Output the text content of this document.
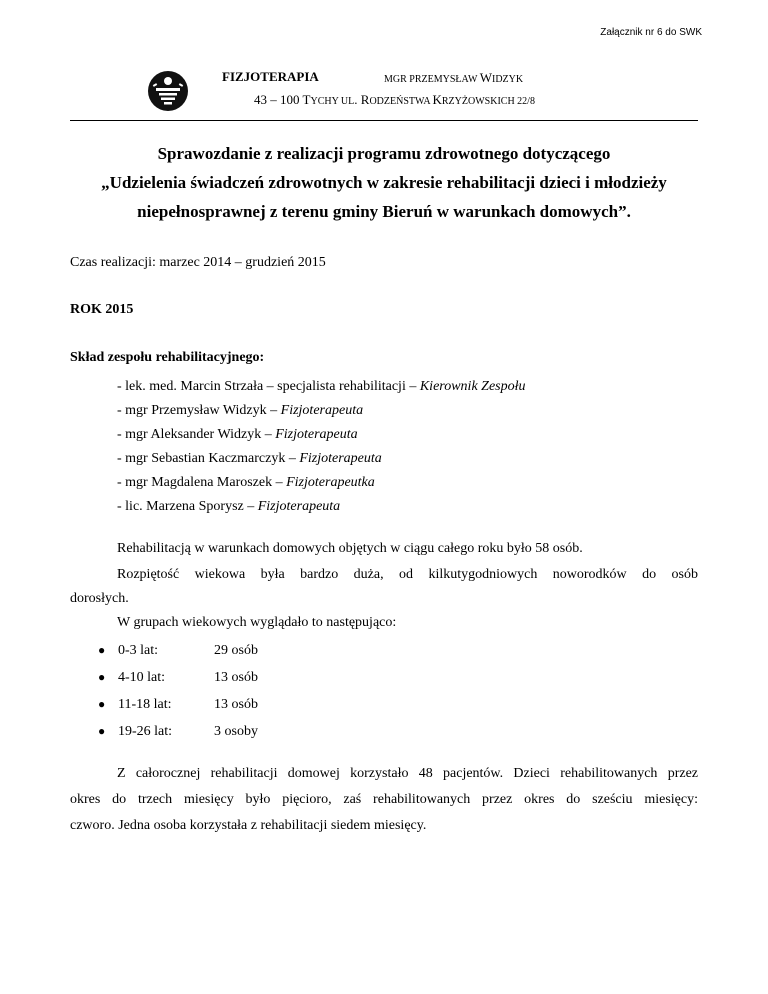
Załącznik nr 6 do SWK
FIZJOTERAPIA	MGR PRZEMYSŁAW WIDZYK
43 – 100 TYCHY UL. RODZEŃSTWA KRZYŻOWSKICH 22/8
Sprawozdanie z realizacji programu zdrowotnego dotyczącego
„Udzielenia świadczeń zdrowotnych w zakresie rehabilitacji dzieci i młodzieży
niepełnosprawnej z terenu gminy Bieruń w warunkach domowych”.
Czas realizacji: marzec 2014 – grudzień 2015
ROK 2015
Skład zespołu rehabilitacyjnego:
- lek. med. Marcin Strzała – specjalista rehabilitacji – Kierownik Zespołu
- mgr Przemysław Widzyk – Fizjoterapeuta
- mgr Aleksander Widzyk – Fizjoterapeuta
- mgr Sebastian Kaczmarczyk – Fizjoterapeuta
- mgr Magdalena Maroszek – Fizjoterapeutka
- lic. Marzena Sporysz – Fizjoterapeuta
Rehabilitacją w warunkach domowych objętych w ciągu całego roku było 58 osób.
Rozpiętość wiekowa była bardzo duża, od kilkutygodniowych noworodków do osób
dorosłych.
W grupach wiekowych wyglądało to następująco:
● 0-3 lat:	29 osób
● 4-10 lat:	13 osób
● 11-18 lat:	13 osób
● 19-26 lat:	3 osoby
Z całorocznej rehabilitacji domowej korzystało 48 pacjentów. Dzieci rehabilitowanych przez
okres do trzech miesięcy było pięcioro, zaś rehabilitowanych przez okres do sześciu miesięcy:
czworo. Jedna osoba korzystała z rehabilitacji siedem miesięcy.
